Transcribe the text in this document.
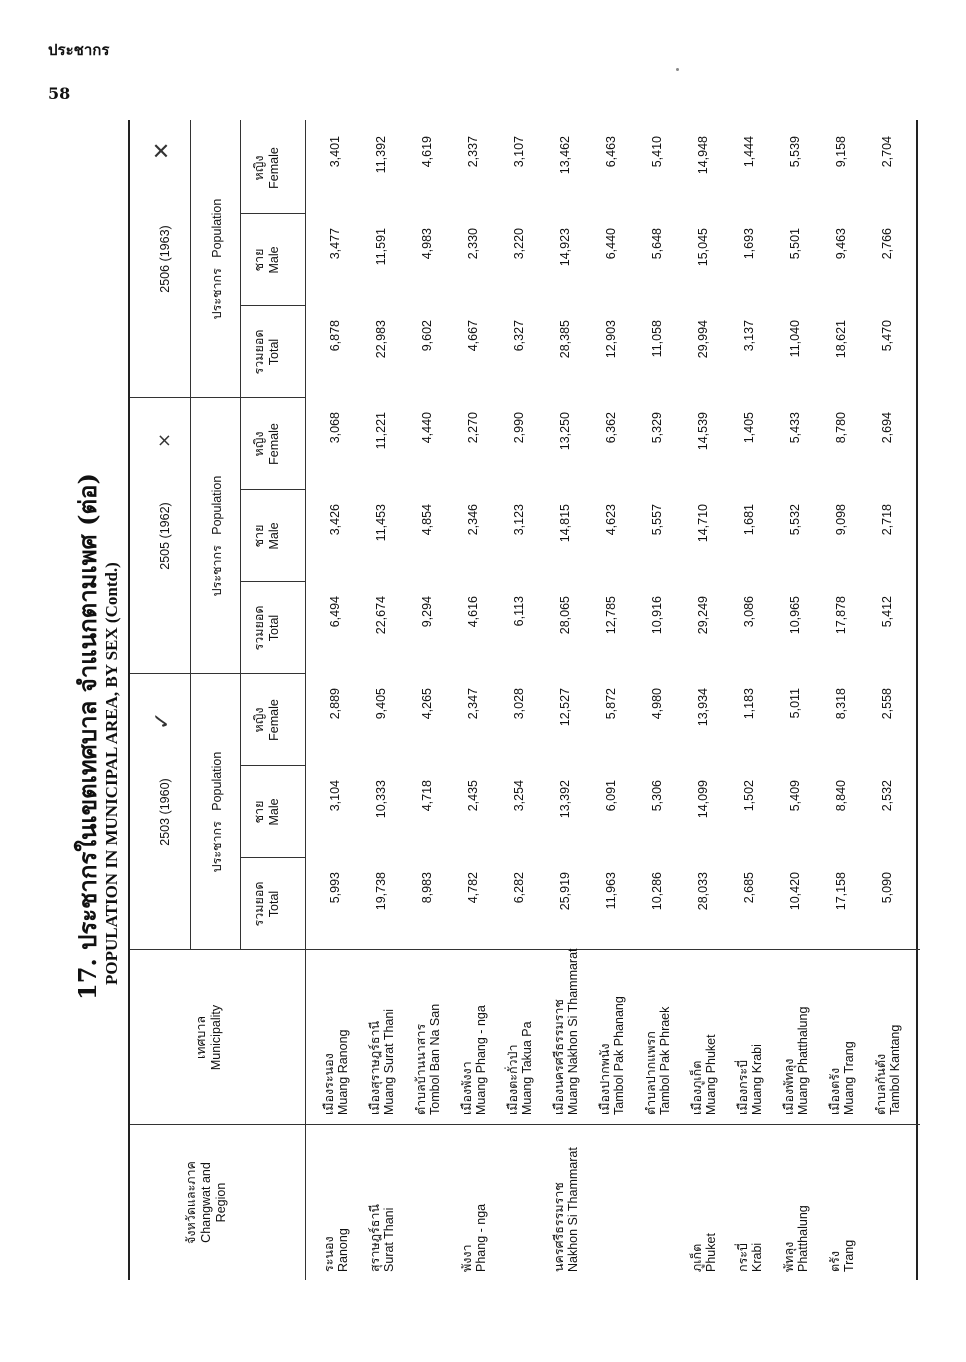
ประชากร
58
17. ประชากรในเขตเทศบาล จำแนกตามเพศ (ต่อ) POPULATION IN MUNICIPAL AREA, BY SEX (Contd.)
จังหวัดและภาค Changwat and Region
เทศบาล Municipality
2503 (1960)
✓
2505 (1962)
×
2506 (1963)
✕
ประชากร   Population
ประชากร   Population
ประชากร   Population
รวมยอด Total
ชาย Male
หญิง Female
รวมยอด Total
ชาย Male
หญิง Female
รวมยอด Total
ชาย Male
หญิง Female
ระนอง Ranong
เมืองระนอง Muang Ranong
5,993
3,104
2,889
6,494
3,426
3,068
6,878
3,477
3,401
สุราษฎร์ธานี Surat Thani
เมืองสุราษฎร์ธานี Muang Surat Thani
19,738
10,333
9,405
22,674
11,453
11,221
22,983
11,591
11,392
ตำบลบ้านนาสาร Tombol Ban Na San
8,983
4,718
4,265
9,294
4,854
4,440
9,602
4,983
4,619
พังงา Phang - nga
เมืองพังงา Muang Phang - nga
4,782
2,435
2,347
4,616
2,346
2,270
4,667
2,330
2,337
เมืองตะกั่วป่า Muang Takua Pa
6,282
3,254
3,028
6,113
3,123
2,990
6,327
3,220
3,107
นครศรีธรรมราช Nakhon Si Thammarat
เมืองนครศรีธรรมราช Muang Nakhon Si Thammarat
25,919
13,392
12,527
28,065
14,815
13,250
28,385
14,923
13,462
เมืองปากพนัง Tambol Pak Phanang
11,963
6,091
5,872
12,785
4,623
6,362
12,903
6,440
6,463
ตำบลปากแพรก Tambol Pak Phraek
10,286
5,306
4,980
10,916
5,557
5,329
11,058
5,648
5,410
ภูเก็ต Phuket
เมืองภูเก็ต Muang Phuket
28,033
14,099
13,934
29,249
14,710
14,539
29,994
15,045
14,948
กระบี่ Krabi
เมืองกระบี่ Muang Krabi
2,685
1,502
1,183
3,086
1,681
1,405
3,137
1,693
1,444
พัทลุง Phatthalung
เมืองพัทลุง Muang Phatthalung
10,420
5,409
5,011
10,965
5,532
5,433
11,040
5,501
5,539
ตรัง Trang
เมืองตรัง Muang Trang
17,158
8,840
8,318
17,878
9,098
8,780
18,621
9,463
9,158
ตำบลกันตัง Tambol Kantang
5,090
2,532
2,558
5,412
2,718
2,694
5,470
2,766
2,704
